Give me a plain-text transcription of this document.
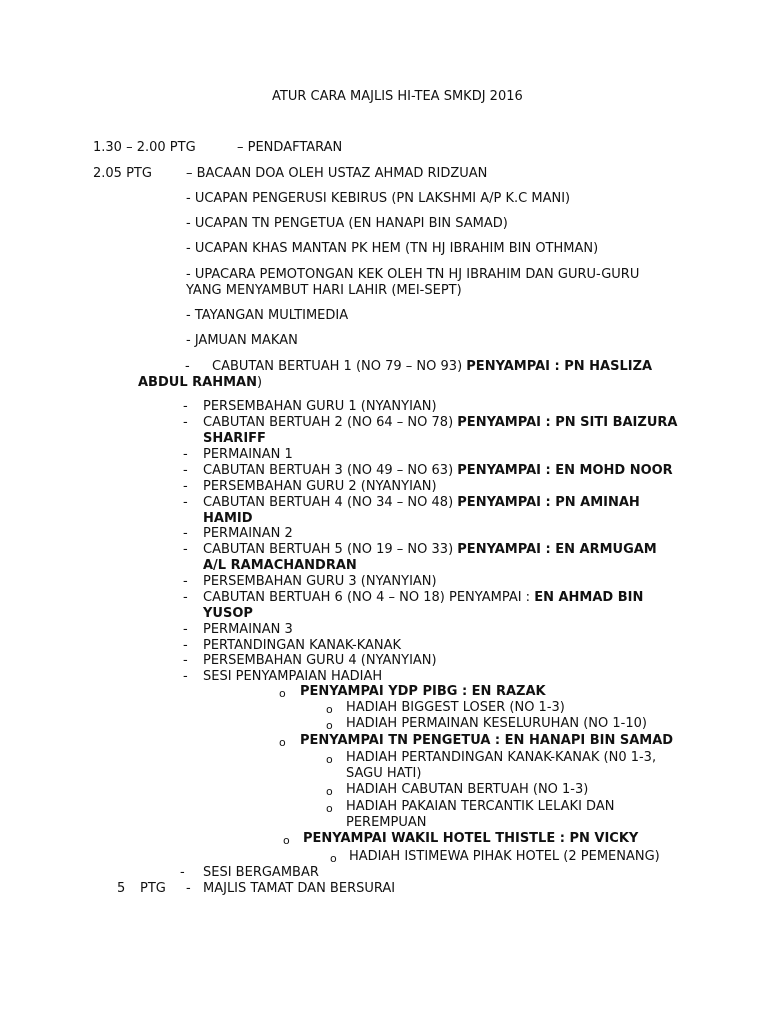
ATUR CARA MAJLIS HI-TEA SMKDJ 2016
1.30 – 2.00 PTG	– PENDAFTARAN
2.05 PTG	– BACAAN DOA OLEH USTAZ AHMAD RIDZUAN
- UCAPAN PENGERUSI KEBIRUS (PN LAKSHMI A/P K.C MANI)
- UCAPAN TN PENGETUA (EN HANAPI BIN SAMAD)
- UCAPAN KHAS MANTAN PK HEM (TN HJ IBRAHIM BIN OTHMAN)
- UPACARA PEMOTONGAN KEK OLEH TN HJ IBRAHIM DAN GURU-GURU
YANG MENYAMBUT HARI LAHIR (MEI-SEPT)
- TAYANGAN MULTIMEDIA
- JAMUAN MAKAN
- CABUTAN BERTUAH 1 (NO 79 – NO 93) PENYAMPAI : PN HASLIZA
ABDUL RAHMAN)
- PERSEMBAHAN GURU 1 (NYANYIAN)
- CABUTAN BERTUAH 2 (NO 64 – NO 78) PENYAMPAI : PN SITI BAIZURA
SHARIFF
- PERMAINAN 1
- CABUTAN BERTUAH 3 (NO 49 – NO 63) PENYAMPAI : EN MOHD NOOR
- PERSEMBAHAN GURU 2 (NYANYIAN)
- CABUTAN BERTUAH 4 (NO 34 – NO 48) PENYAMPAI : PN AMINAH
HAMID
- PERMAINAN 2
- CABUTAN BERTUAH 5 (NO 19 – NO 33) PENYAMPAI : EN ARMUGAM
A/L RAMACHANDRAN
- PERSEMBAHAN GURU 3 (NYANYIAN)
- CABUTAN BERTUAH 6 (NO 4 – NO 18) PENYAMPAI : EN AHMAD BIN
YUSOP
- PERMAINAN 3
- PERTANDINGAN KANAK-KANAK
- PERSEMBAHAN GURU 4 (NYANYIAN)
- SESI PENYAMPAIAN HADIAH
o PENYAMPAI YDP PIBG : EN RAZAK
o HADIAH BIGGEST LOSER (NO 1-3)
o HADIAH PERMAINAN KESELURUHAN (NO 1-10)
o PENYAMPAI TN PENGETUA : EN HANAPI BIN SAMAD
o HADIAH PERTANDINGAN KANAK-KANAK (N0 1-3,
SAGU HATI)
o HADIAH CABUTAN BERTUAH (NO 1-3)
o HADIAH PAKAIAN TERCANTIK LELAKI DAN
PEREMPUAN
o PENYAMPAI WAKIL HOTEL THISTLE : PN VICKY
o HADIAH ISTIMEWA PIHAK HOTEL (2 PEMENANG)
- SESI BERGAMBAR
5 PTG - MAJLIS TAMAT DAN BERSURAI
